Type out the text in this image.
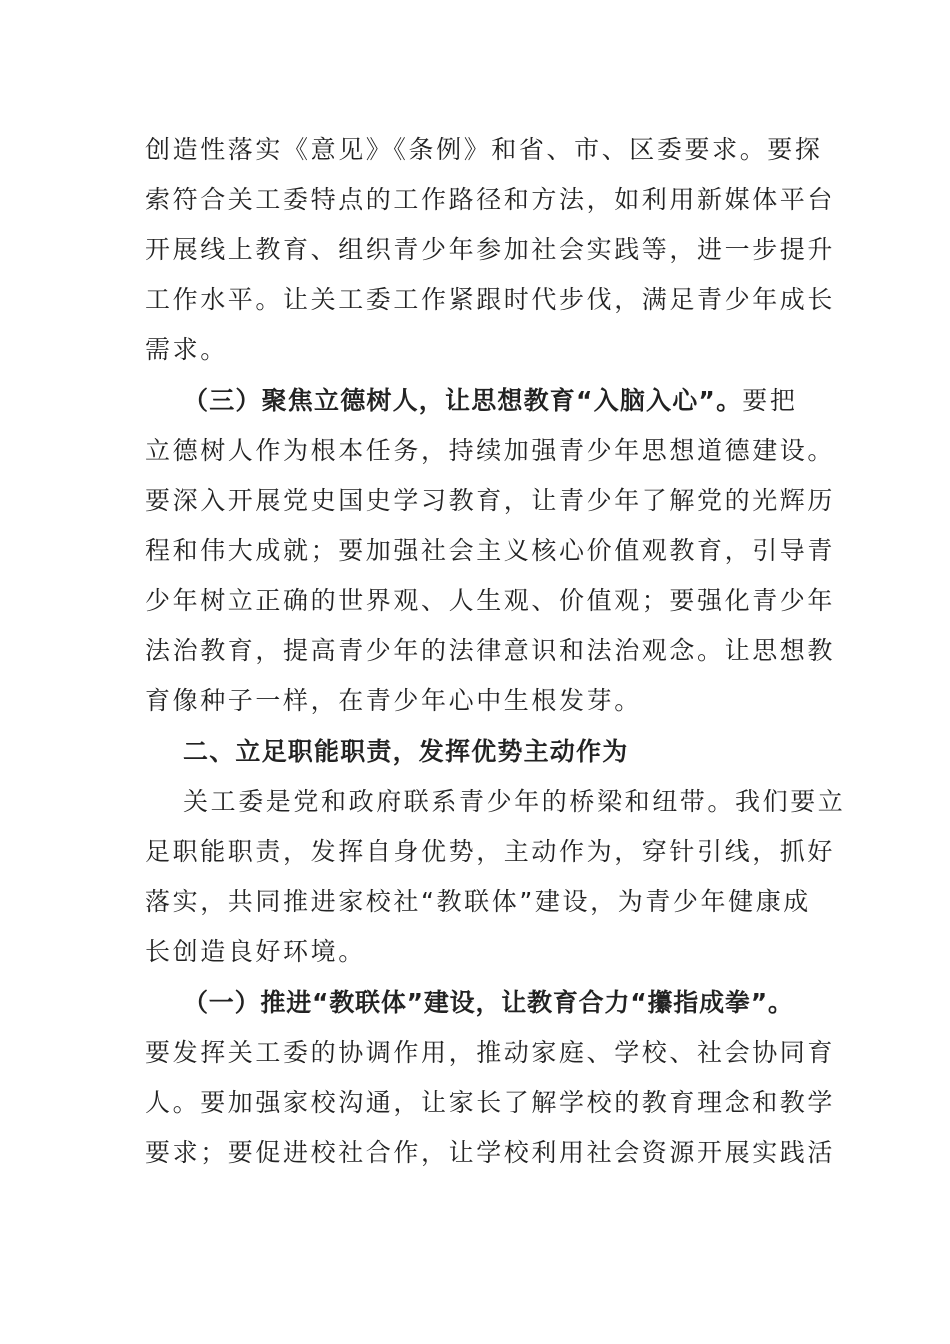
创造性落实《意见》《条例》和省、市、区委要求。要探
索符合关工委特点的工作路径和方法，如利用新媒体平台
开展线上教育、组织青少年参加社会实践等，进一步提升
工作水平。让关工委工作紧跟时代步伐，满足青少年成长
需求。
（三）聚焦立德树人，让思想教育“入脑入心”。要把
立德树人作为根本任务，持续加强青少年思想道德建设。
要深入开展党史国史学习教育，让青少年了解党的光辉历
程和伟大成就；要加强社会主义核心价值观教育，引导青
少年树立正确的世界观、人生观、价值观；要强化青少年
法治教育，提高青少年的法律意识和法治观念。让思想教
育像种子一样，在青少年心中生根发芽。
二、立足职能职责，发挥优势主动作为
关工委是党和政府联系青少年的桥梁和纽带。我们要立
足职能职责，发挥自身优势，主动作为，穿针引线，抓好
落实，共同推进家校社“教联体”建设，为青少年健康成
长创造良好环境。
（一）推进“教联体”建设，让教育合力“攥指成拳”。
要发挥关工委的协调作用，推动家庭、学校、社会协同育
人。要加强家校沟通，让家长了解学校的教育理念和教学
要求；要促进校社合作，让学校利用社会资源开展实践活
